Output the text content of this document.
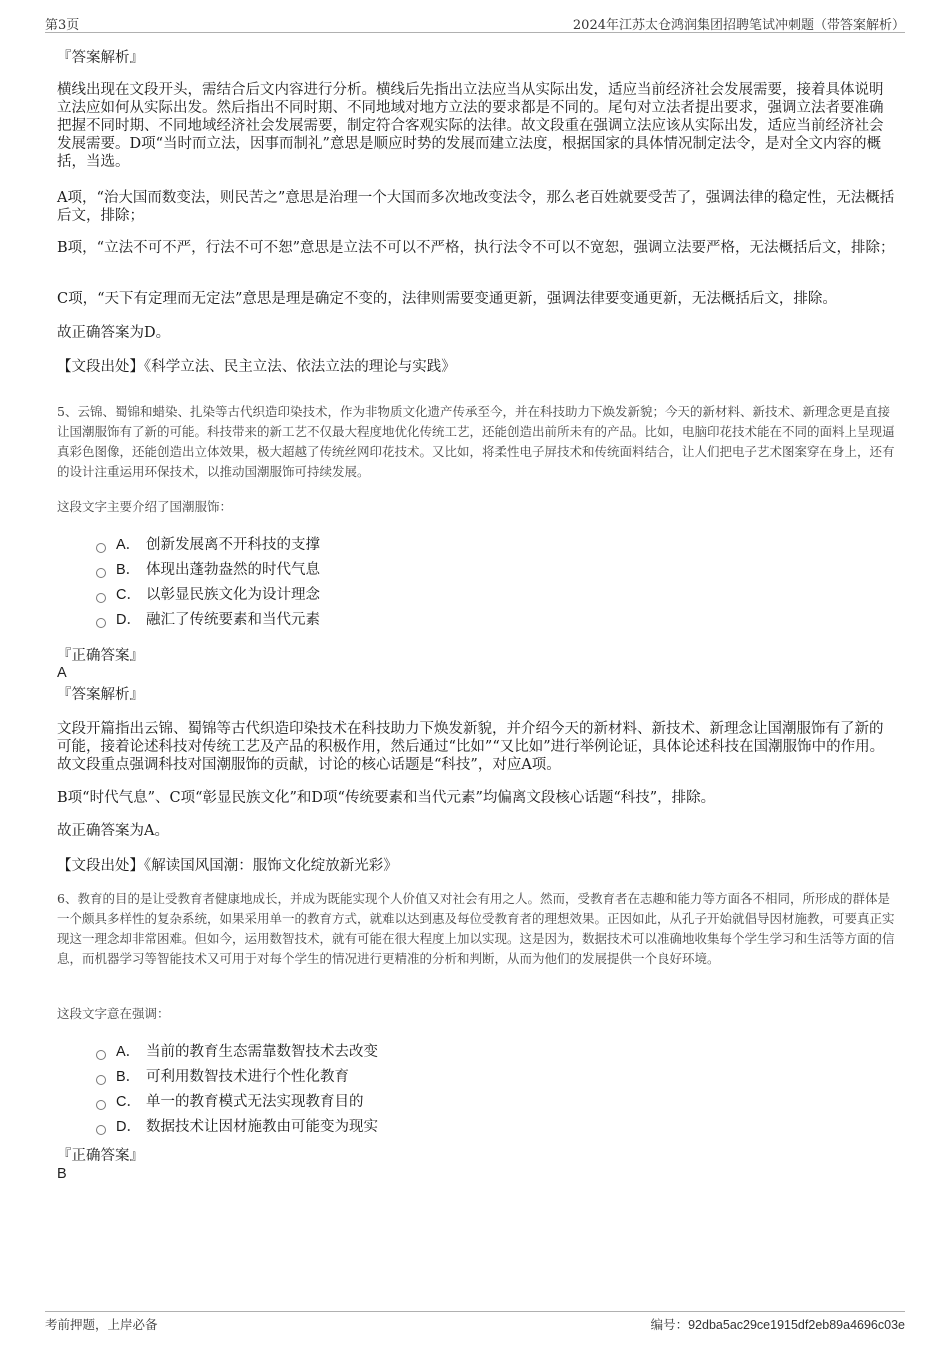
第3页	2024年江苏太仓鸿润集团招聘笔试冲刺题（带答案解析）
『答案解析』

横线出现在文段开头，需结合后文内容进行分析。横线后先指出立法应当从实际出发，适应当前经济社会发展需要，接着具体说明立法应如何从实际出发。然后指出不同时期、不同地域对地方立法的要求都是不同的。尾句对立法者提出要求，强调立法者要准确把握不同时期、不同地域经济社会发展需要，制定符合客观实际的法律。故文段重在强调立法应该从实际出发，适应当前经济社会发展需要。D项“当时而立法，因事而制礼”意思是顺应时势的发展而建立法度，根据国家的具体情况制定法令，是对全文内容的概括，当选。

A项，“治大国而数变法，则民苦之”意思是治理一个大国而多次地改变法令，那么老百姓就要受苦了，强调法律的稳定性，无法概括后文，排除；

B项，“立法不可不严，行法不可不恕”意思是立法不可以不严格，执行法令不可以不宽恕，强调立法要严格，无法概括后文，排除；

C项，“天下有定理而无定法”意思是理是确定不变的，法律则需要变通更新，强调法律要变通更新，无法概括后文，排除。

故正确答案为D。

【文段出处】《科学立法、民主立法、依法立法的理论与实践》

5、云锦、蜀锦和蜡染、扎染等古代织造印染技术，作为非物质文化遗产传承至今，并在科技助力下焕发新貌；今天的新材料、新技术、新理念更是直接让国潮服饰有了新的可能。科技带来的新工艺不仅最大程度地优化传统工艺，还能创造出前所未有的产品。比如，电脑印花技术能在不同的面料上呈现逼真彩色图像，还能创造出立体效果，极大超越了传统丝网印花技术。又比如，将柔性电子屏技术和传统面料结合，让人们把电子艺术图案穿在身上，还有的设计注重运用环保技术，以推动国潮服饰可持续发展。

这段文字主要介绍了国潮服饰：

A． 创新发展离不开科技的支撑
B． 体现出蓬勃盎然的时代气息
C． 以彰显民族文化为设计理念
D． 融汇了传统要素和当代元素
『正确答案』
A
『答案解析』

文段开篇指出云锦、蜀锦等古代织造印染技术在科技助力下焕发新貌，并介绍今天的新材料、新技术、新理念让国潮服饰有了新的可能，接着论述科技对传统工艺及产品的积极作用，然后通过“比如”“又比如”进行举例论证，具体论述科技在国潮服饰中的作用。故文段重点强调科技对国潮服饰的贡献，讨论的核心话题是“科技”，对应A项。

B项“时代气息”、C项“彰显民族文化”和D项“传统要素和当代元素”均偏离文段核心话题“科技”，排除。

故正确答案为A。

【文段出处】《解读国风国潮：服饰文化绽放新光彩》

6、教育的目的是让受教育者健康地成长，并成为既能实现个人价值又对社会有用之人。然而，受教育者在志趣和能力等方面各不相同，所形成的群体是一个颇具多样性的复杂系统，如果采用单一的教育方式，就难以达到惠及每位受教育者的理想效果。正因如此，从孔子开始就倡导因材施教，可要真正实现这一理念却非常困难。但如今，运用数智技术，就有可能在很大程度上加以实现。这是因为，数据技术可以准确地收集每个学生学习和生活等方面的信息，而机器学习等智能技术又可用于对每个学生的情况进行更精准的分析和判断，从而为他们的发展提供一个良好环境。

这段文字意在强调：

A． 当前的教育生态需靠数智技术去改变
B． 可利用数智技术进行个性化教育
C． 单一的教育模式无法实现教育目的
D． 数据技术让因材施教由可能变为现实
『正确答案』
B
考前押题，上岸必备	编号：92dba5ac29ce1915df2eb89a4696c03e
